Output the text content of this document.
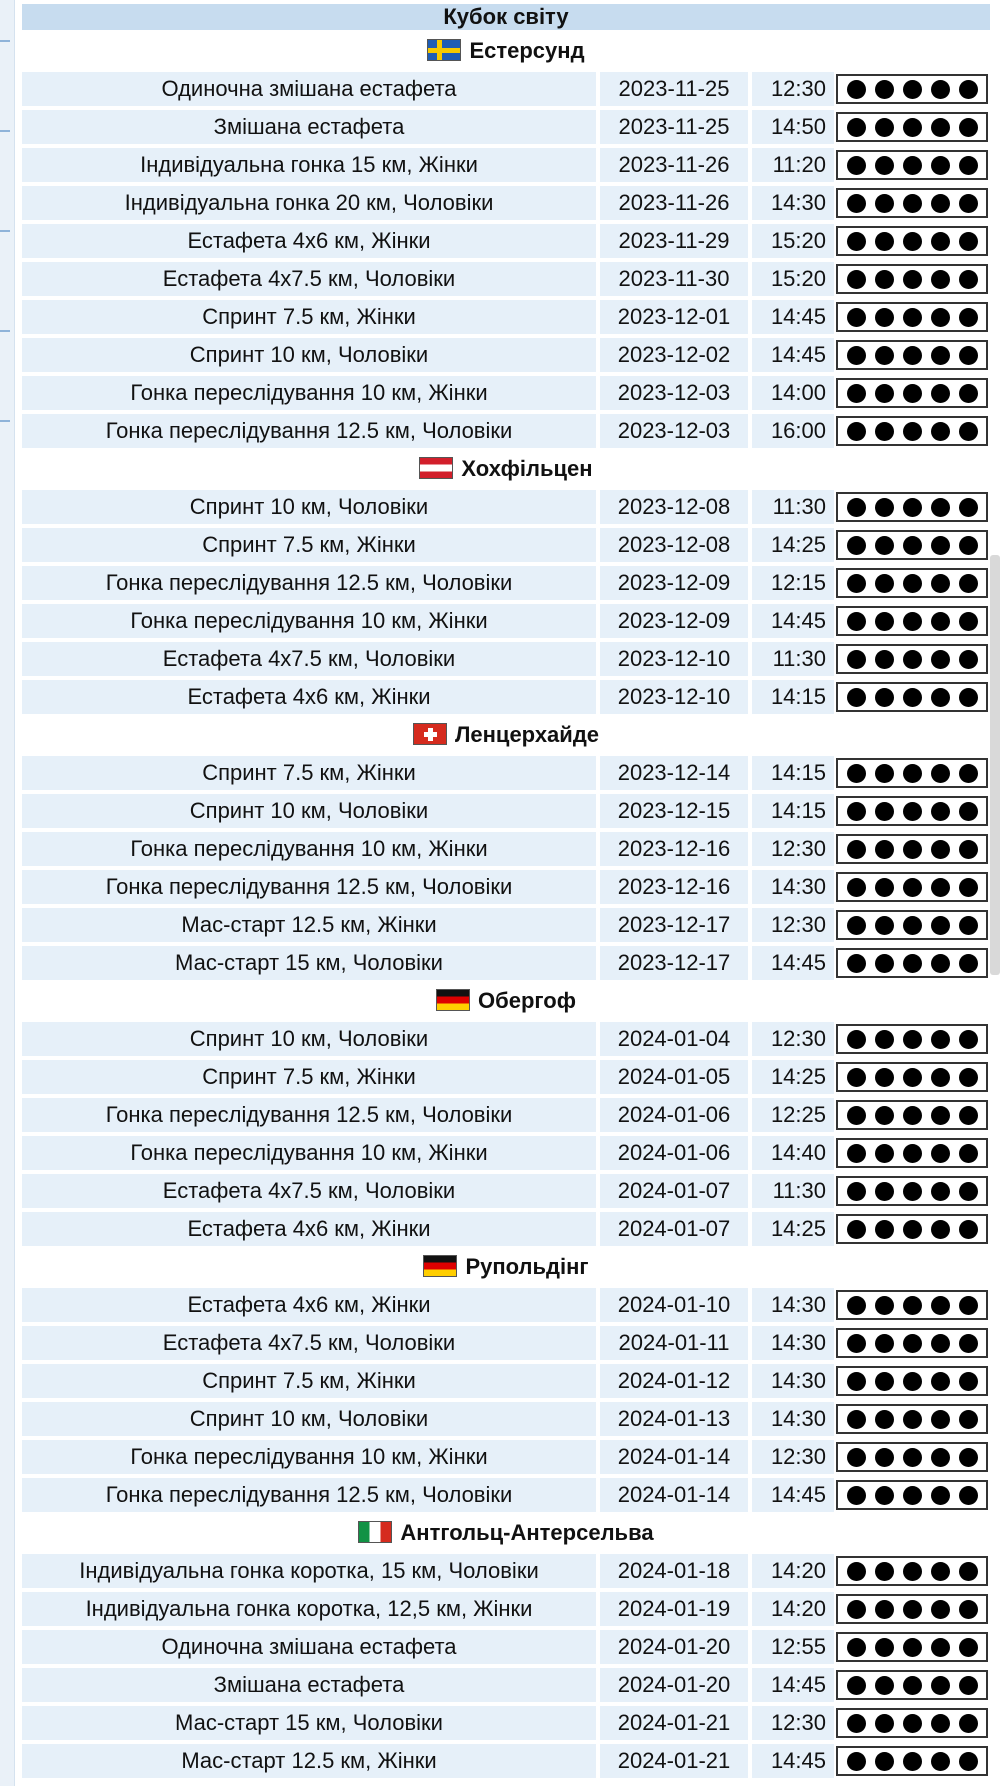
Кубок світу			
Естерсунд			
Одиночна змішана естафета	2023-11-25	12:30	

Змішана естафета	2023-11-25	14:50	

Індивідуальна гонка 15 км, Жінки	2023-11-26	11:20	

Індивідуальна гонка 20 км, Чоловіки	2023-11-26	14:30	

Естафета 4х6 км, Жінки	2023-11-29	15:20	

Естафета 4х7.5 км, Чоловіки	2023-11-30	15:20	

Спринт 7.5 км, Жінки	2023-12-01	14:45	

Спринт 10 км, Чоловіки	2023-12-02	14:45	

Гонка переслідування 10 км, Жінки	2023-12-03	14:00	

Гонка переслідування 12.5 км, Чоловіки	2023-12-03	16:00	

Хохфільцен			
Спринт 10 км, Чоловіки	2023-12-08	11:30	

Спринт 7.5 км, Жінки	2023-12-08	14:25	

Гонка переслідування 12.5 км, Чоловіки	2023-12-09	12:15	

Гонка переслідування 10 км, Жінки	2023-12-09	14:45	

Естафета 4х7.5 км, Чоловіки	2023-12-10	11:30	

Естафета 4х6 км, Жінки	2023-12-10	14:15	

Ленцерхайде			
Спринт 7.5 км, Жінки	2023-12-14	14:15	

Спринт 10 км, Чоловіки	2023-12-15	14:15	

Гонка переслідування 10 км, Жінки	2023-12-16	12:30	

Гонка переслідування 12.5 км, Чоловіки	2023-12-16	14:30	

Мас-старт 12.5 км, Жінки	2023-12-17	12:30	

Мас-старт 15 км, Чоловіки	2023-12-17	14:45	

Обергоф			
Спринт 10 км, Чоловіки	2024-01-04	12:30	

Спринт 7.5 км, Жінки	2024-01-05	14:25	

Гонка переслідування 12.5 км, Чоловіки	2024-01-06	12:25	

Гонка переслідування 10 км, Жінки	2024-01-06	14:40	

Естафета 4х7.5 км, Чоловіки	2024-01-07	11:30	

Естафета 4х6 км, Жінки	2024-01-07	14:25	

Рупольдінг			
Естафета 4х6 км, Жінки	2024-01-10	14:30	

Естафета 4х7.5 км, Чоловіки	2024-01-11	14:30	

Спринт 7.5 км, Жінки	2024-01-12	14:30	

Спринт 10 км, Чоловіки	2024-01-13	14:30	

Гонка переслідування 10 км, Жінки	2024-01-14	12:30	

Гонка переслідування 12.5 км, Чоловіки	2024-01-14	14:45	

Антгольц-Антерсельва			
Індивідуальна гонка коротка, 15 км, Чоловіки	2024-01-18	14:20	

Індивідуальна гонка коротка, 12,5 км, Жінки	2024-01-19	14:20	

Одиночна змішана естафета	2024-01-20	12:55	

Змішана естафета	2024-01-20	14:45	

Мас-старт 15 км, Чоловіки	2024-01-21	12:30	

Мас-старт 12.5 км, Жінки	2024-01-21	14:45	
